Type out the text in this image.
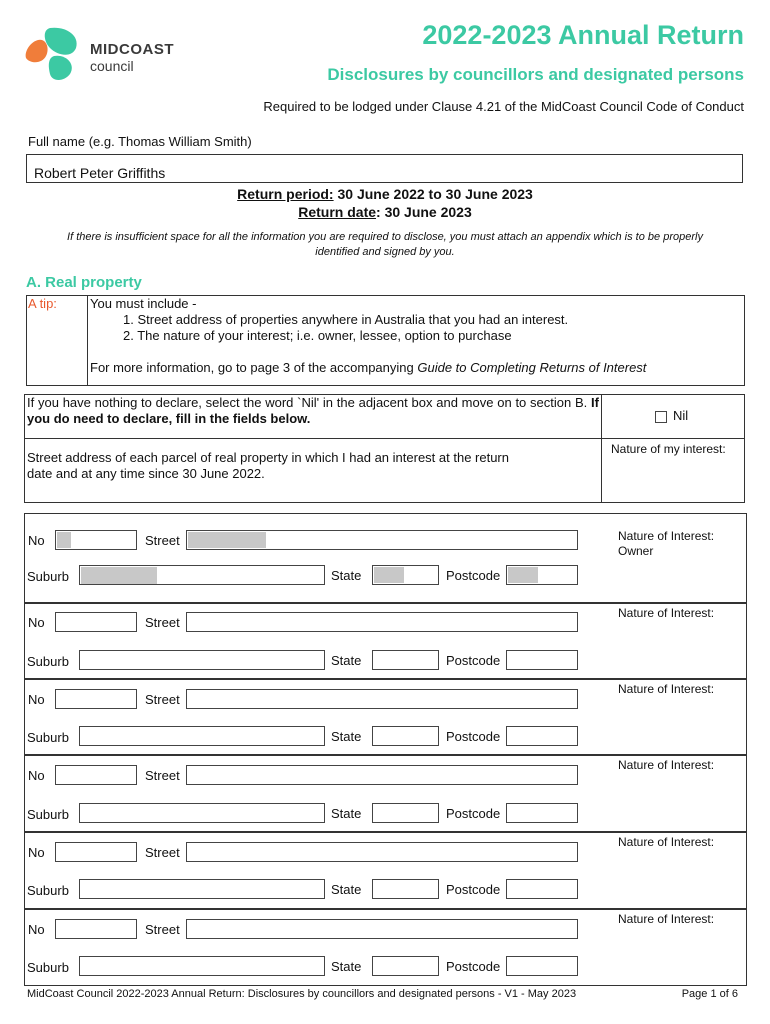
MIDCOAST
council
2022-2023 Annual Return
Disclosures by councillors and designated persons
Required to be lodged under Clause 4.21 of the MidCoast Council Code of Conduct
Full name (e.g. Thomas William Smith)
Robert Peter Griffiths
Return period: 30 June 2022 to 30 June 2023
Return date: 30 June 2023
If there is insufficient space for all the information you are required to disclose, you must attach an appendix which is to be properly identified and signed by you.
A. Real property
A tip:	You must include -
1. Street address of properties anywhere in Australia that you had an interest.
2. The nature of your interest; i.e. owner, lessee, option to purchase
For more information, go to page 3 of the accompanying Guide to Completing Returns of Interest
If you have nothing to declare, select the word `Nil' in the adjacent box and move on to section B. If you do need to declare, fill in the fields below.	Nil
Street address of each parcel of real property in which I had an interest at the return date and at any time since 30 June 2022.
Nature of my interest:
No	Street
Suburb	State	Postcode
Nature of Interest:
Owner
No	Street
Suburb	State	Postcode
Nature of Interest:
No	Street
Suburb	State	Postcode
Nature of Interest:
No	Street
Suburb	State	Postcode
Nature of Interest:
No	Street
Suburb	State	Postcode
Nature of Interest:
No	Street
Suburb	State	Postcode
Nature of Interest:
MidCoast Council 2022-2023 Annual Return: Disclosures by councillors and designated persons - V1 - May 2023	Page 1 of 6
